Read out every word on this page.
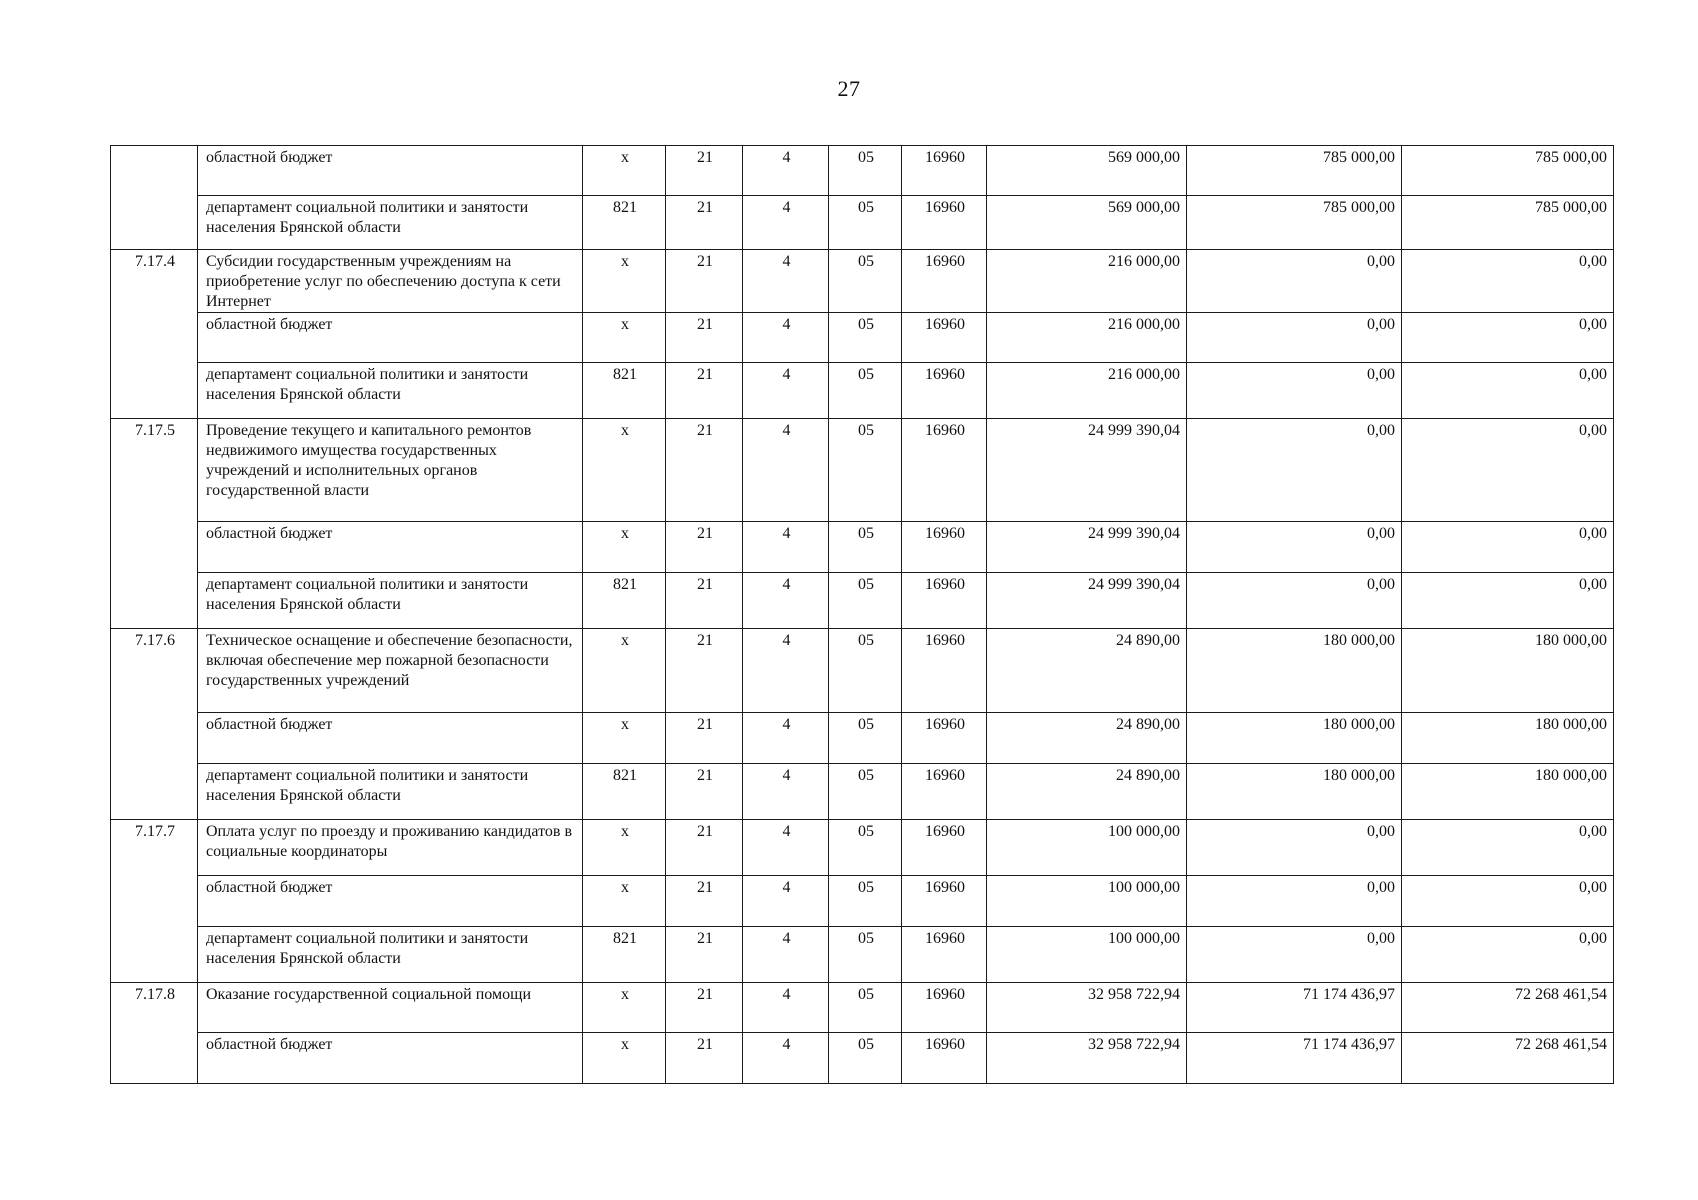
27
	областной бюджет	х	21	4	05	16960	569 000,00	785 000,00	785 000,00
	департамент социальной политики и занятости населения Брянской области	821	21	4	05	16960	569 000,00	785 000,00	785 000,00
7.17.4	Субсидии государственным учреждениям на приобретение услуг по обеспечению доступа к сети Интернет	х	21	4	05	16960	216 000,00	0,00	0,00
	областной бюджет	х	21	4	05	16960	216 000,00	0,00	0,00
	департамент социальной политики и занятости населения Брянской области	821	21	4	05	16960	216 000,00	0,00	0,00
7.17.5	Проведение текущего и капитального ремонтов недвижимого имущества государственных учреждений и исполнительных органов государственной власти	х	21	4	05	16960	24 999 390,04	0,00	0,00
	областной бюджет	х	21	4	05	16960	24 999 390,04	0,00	0,00
	департамент социальной политики и занятости населения Брянской области	821	21	4	05	16960	24 999 390,04	0,00	0,00
7.17.6	Техническое оснащение и обеспечение безопасности, включая обеспечение мер пожарной безопасности государственных учреждений	х	21	4	05	16960	24 890,00	180 000,00	180 000,00
	областной бюджет	х	21	4	05	16960	24 890,00	180 000,00	180 000,00
	департамент социальной политики и занятости населения Брянской области	821	21	4	05	16960	24 890,00	180 000,00	180 000,00
7.17.7	Оплата услуг по проезду и проживанию кандидатов в социальные координаторы	х	21	4	05	16960	100 000,00	0,00	0,00
	областной бюджет	х	21	4	05	16960	100 000,00	0,00	0,00
	департамент социальной политики и занятости населения Брянской области	821	21	4	05	16960	100 000,00	0,00	0,00
7.17.8	Оказание государственной социальной помощи	х	21	4	05	16960	32 958 722,94	71 174 436,97	72 268 461,54
	областной бюджет	х	21	4	05	16960	32 958 722,94	71 174 436,97	72 268 461,54
